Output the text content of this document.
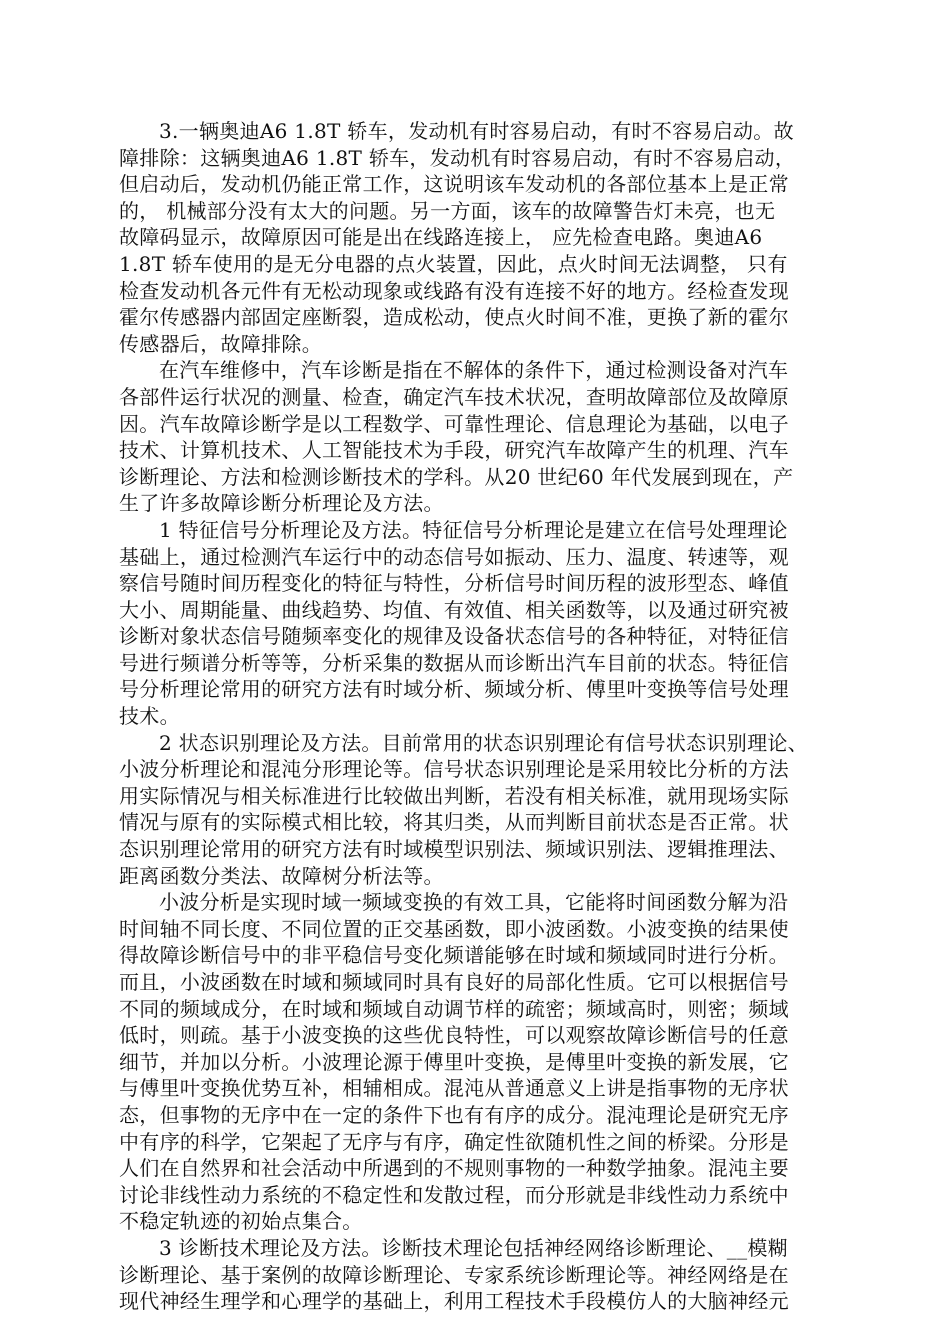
3.一辆奥迪A6 1.8T 轿车，发动机有时容易启动，有时不容易启动。故
障排除：这辆奥迪A6 1.8T 轿车，发动机有时容易启动，有时不容易启动，
但启动后，发动机仍能正常工作，这说明该车发动机的各部位基本上是正常
的， 机械部分没有太大的问题。另一方面，该车的故障警告灯未亮，也无
故障码显示，故障原因可能是出在线路连接上， 应先检查电路。奥迪A6
1.8T 轿车使用的是无分电器的点火装置，因此，点火时间无法调整， 只有
检查发动机各元件有无松动现象或线路有没有连接不好的地方。经检查发现
霍尔传感器内部固定座断裂，造成松动，使点火时间不准，更换了新的霍尔
传感器后，故障排除。
在汽车维修中，汽车诊断是指在不解体的条件下，通过检测设备对汽车
各部件运行状况的测量、检查，确定汽车技术状况，查明故障部位及故障原
因。汽车故障诊断学是以工程数学、可靠性理论、信息理论为基础，以电子
技术、计算机技术、人工智能技术为手段，研究汽车故障产生的机理、汽车
诊断理论、方法和检测诊断技术的学科。从20 世纪60 年代发展到现在，产
生了许多故障诊断分析理论及方法。
1 特征信号分析理论及方法。特征信号分析理论是建立在信号处理理论
基础上，通过检测汽车运行中的动态信号如振动、压力、温度、转速等，观
察信号随时间历程变化的特征与特性，分析信号时间历程的波形型态、峰值
大小、周期能量、曲线趋势、均值、有效值、相关函数等，以及通过研究被
诊断对象状态信号随频率变化的规律及设备状态信号的各种特征，对特征信
号进行频谱分析等等，分析采集的数据从而诊断出汽车目前的状态。特征信
号分析理论常用的研究方法有时域分析、频域分析、傅里叶变换等信号处理
技术。
2 状态识别理论及方法。目前常用的状态识别理论有信号状态识别理论、
小波分析理论和混沌分形理论等。信号状态识别理论是采用较比分析的方法
用实际情况与相关标准进行比较做出判断，若没有相关标准，就用现场实际
情况与原有的实际模式相比较，将其归类，从而判断目前状态是否正常。状
态识别理论常用的研究方法有时域模型识别法、频域识别法、逻辑推理法、
距离函数分类法、故障树分析法等。
小波分析是实现时域一频域变换的有效工具，它能将时间函数分解为沿
时间轴不同长度、不同位置的正交基函数，即小波函数。小波变换的结果使
得故障诊断信号中的非平稳信号变化频谱能够在时域和频域同时进行分析。
而且，小波函数在时域和频域同时具有良好的局部化性质。它可以根据信号
不同的频域成分，在时域和频域自动调节样的疏密；频域高时，则密；频域
低时，则疏。基于小波变换的这些优良特性，可以观察故障诊断信号的任意
细节，并加以分析。小波理论源于傅里叶变换，是傅里叶变换的新发展，它
与傅里叶变换优势互补，相辅相成。混沌从普通意义上讲是指事物的无序状
态，但事物的无序中在一定的条件下也有有序的成分。混沌理论是研究无序
中有序的科学，它架起了无序与有序，确定性欲随机性之间的桥梁。分形是
人们在自然界和社会活动中所遇到的不规则事物的一种数学抽象。混沌主要
讨论非线性动力系统的不稳定性和发散过程，而分形就是非线性动力系统中
不稳定轨迹的初始点集合。
3 诊断技术理论及方法。诊断技术理论包括神经网络诊断理论、__模糊
诊断理论、基于案例的故障诊断理论、专家系统诊断理论等。神经网络是在
现代神经生理学和心理学的基础上，利用工程技术手段模仿人的大脑神经元
